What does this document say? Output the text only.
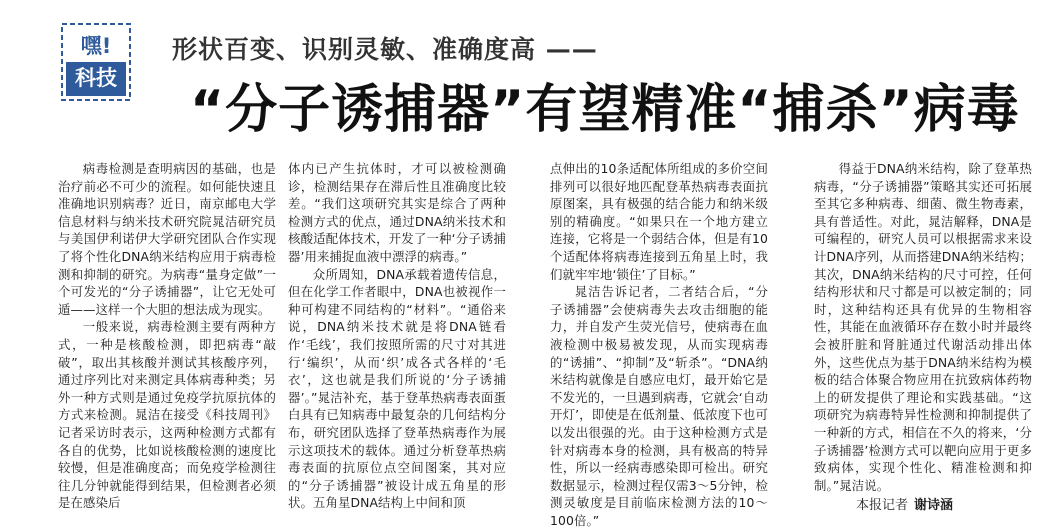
嘿!
科技
形状百变、识别灵敏、准确度高 ——
“分子诱捕器”有望精准“捕杀”病毒

病毒检测是查明病因的基础，也是治疗前必不可少的流程。如何能快速且准确地识别病毒？近日，南京邮电大学信息材料与纳米技术研究院晁洁研究员与美国伊利诺伊大学研究团队合作实现了将个性化DNA纳米结构应用于病毒检测和抑制的研究。为病毒“量身定做”一个可发光的“分子诱捕器”，让它无处可遁——这样一个大胆的想法成为现实。

一般来说，病毒检测主要有两种方式，一种是核酸检测，即把病毒“敲破”，取出其核酸并测试其核酸序列，通过序列比对来测定具体病毒种类；另外一种方式则是通过免疫学抗原抗体的方式来检测。晁洁在接受《科技周刊》记者采访时表示，这两种检测方式都有各自的优势，比如说核酸检测的速度比较慢，但是准确度高；而免疫学检测往往几分钟就能得到结果，但检测者必须是在感染后

体内已产生抗体时，才可以被检测确诊，检测结果存在滞后性且准确度比较差。“我们这项研究其实是综合了两种检测方式的优点，通过DNA纳米技术和核酸适配体技术，开发了一种‘分子诱捕器’用来捕捉血液中漂浮的病毒。”

众所周知，DNA承载着遗传信息，但在化学工作者眼中，DNA也被视作一种可构建不同结构的“材料”。“通俗来说，DNA纳米技术就是将DNA链看作‘毛线’，我们按照所需的尺寸对其进行‘编织’，从而‘织’成各式各样的‘毛衣’，这也就是我们所说的‘分子诱捕器’。”晁洁补充，基于登革热病毒表面蛋白具有已知病毒中最复杂的几何结构分布，研究团队选择了登革热病毒作为展示这项技术的载体。通过分析登革热病毒表面的抗原位点空间图案，其对应的“分子诱捕器”被设计成五角星的形状。五角星DNA结构上中间和顶

点伸出的10条适配体所组成的多价空间排列可以很好地匹配登革热病毒表面抗原图案，具有极强的结合能力和纳米级别的精确度。“如果只在一个地方建立连接，它将是一个弱结合体，但是有10个适配体将病毒连接到五角星上时，我们就牢牢地‘锁住’了目标。”

晁洁告诉记者，二者结合后，“分子诱捕器”会使病毒失去攻击细胞的能力，并自发产生荧光信号，使病毒在血液检测中极易被发现，从而实现病毒的“诱捕”、“抑制”及“斩杀”。“DNA纳米结构就像是自感应电灯，最开始它是不发光的，一旦遇到病毒，它就会‘自动开灯’，即使是在低剂量、低浓度下也可以发出很强的光。由于这种检测方式是针对病毒本身的检测，具有极高的特异性，所以一经病毒感染即可检出。研究数据显示，检测过程仅需3～5分钟，检测灵敏度是目前临床检测方法的10～100倍。”

得益于DNA纳米结构，除了登革热病毒，“分子诱捕器”策略其实还可拓展至其它多种病毒、细菌、微生物毒素，具有普适性。对此，晁洁解释，DNA是可编程的，研究人员可以根据需求来设计DNA序列，从而搭建DNA纳米结构；其次，DNA纳米结构的尺寸可控，任何结构形状和尺寸都是可以被定制的；同时，这种结构还具有优异的生物相容性，其能在血液循环存在数小时并最终会被肝脏和肾脏通过代谢活动排出体外，这些优点为基于DNA纳米结构为模板的结合体聚合物应用在抗致病体药物上的研发提供了理论和实践基础。“这项研究为病毒特异性检测和抑制提供了一种新的方式，相信在不久的将来，‘分子诱捕器’检测方式可以靶向应用于更多致病体，实现个性化、精准检测和抑制。”晁洁说。

本报记者 谢诗涵
